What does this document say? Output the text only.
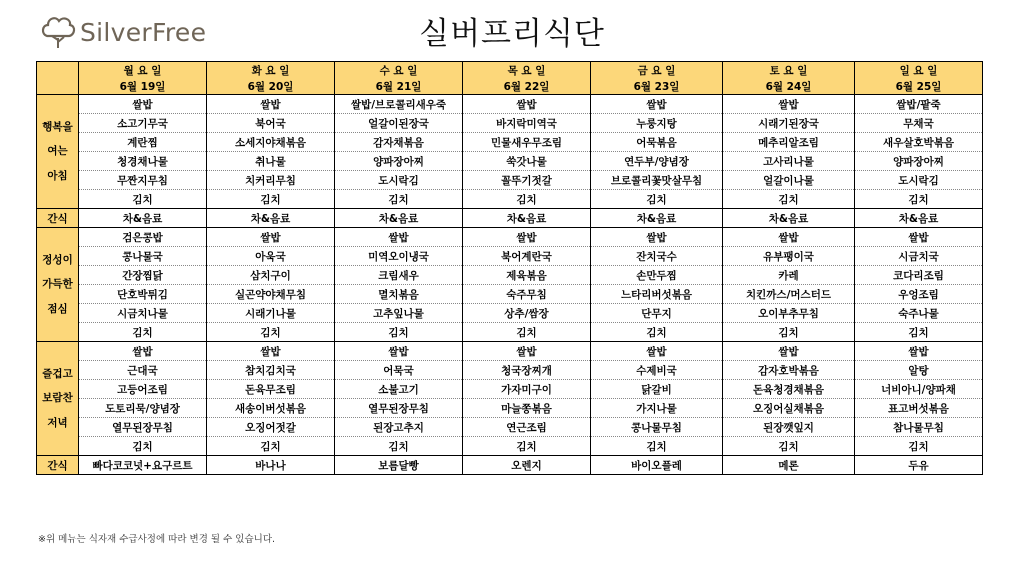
SilverFree	실버프리식단
	월 요 일	화 요 일	수 요 일	목 요 일	금 요 일	토 요 일	일 요 일
	6월 19일	6월 20일	6월 21일	6월 22일	6월 23일	6월 24일	6월 25일

행복을
여는
아침	쌀밥	쌀밥	쌀밥/브로콜리새우죽	쌀밥	쌀밥	쌀밥	쌀밥/팥죽
	소고기무국	북어국	얼갈이된장국	바지락미역국	누룽지탕	시래기된장국	무채국
	계란찜	소세지야채볶음	감자채볶음	민물새우무조림	어묵볶음	메추리알조림	새우살호박볶음
	청경채나물	취나물	양파장아찌	쑥갓나물	연두부/양념장	고사리나물	양파장아찌
	무짠지무침	치커리무침	도시락김	꼴뚜기젓갈	브로콜리꽃맛살무침	얼갈이나물	도시락김
	김치	김치	김치	김치	김치	김치	김치

간식	차&음료	차&음료	차&음료	차&음료	차&음료	차&음료	차&음료

정성이
가득한
점심	검은콩밥	쌀밥	쌀밥	쌀밥	쌀밥	쌀밥	쌀밥
	콩나물국	아욱국	미역오이냉국	북어계란국	잔치국수	유부팽이국	시금치국
	간장찜닭	삼치구이	크림새우	제육볶음	손만두찜	카레	코다리조림
	단호박튀김	실곤약야채무침	멸치볶음	숙주무침	느타리버섯볶음	치킨까스/머스터드	우엉조림
	시금치나물	시래기나물	고추잎나물	상추/쌈장	단무지	오이부추무침	숙주나물
	김치	김치	김치	김치	김치	김치	김치

즐겁고
보람찬
저녁	쌀밥	쌀밥	쌀밥	쌀밥	쌀밥	쌀밥	쌀밥
	근대국	참치김치국	어묵국	청국장찌개	수제비국	감자호박볶음	알탕
	고등어조림	돈육무조림	소불고기	가자미구이	닭갈비	돈육청경채볶음	너비아니/양파채
	도토리묵/양념장	새송이버섯볶음	열무된장무침	마늘쫑볶음	가지나물	오징어실채볶음	표고버섯볶음
	열무된장무침	오징어젓갈	된장고추지	연근조림	콩나물무침	된장깻잎지	참나물무침
	김치	김치	김치	김치	김치	김치	김치

간식	빠다코코넛+요구르트	바나나	보름달빵	오렌지	바이오플레	메론	두유
※위 메뉴는 식자재 수급사정에 따라 변경 될 수 있습니다.
